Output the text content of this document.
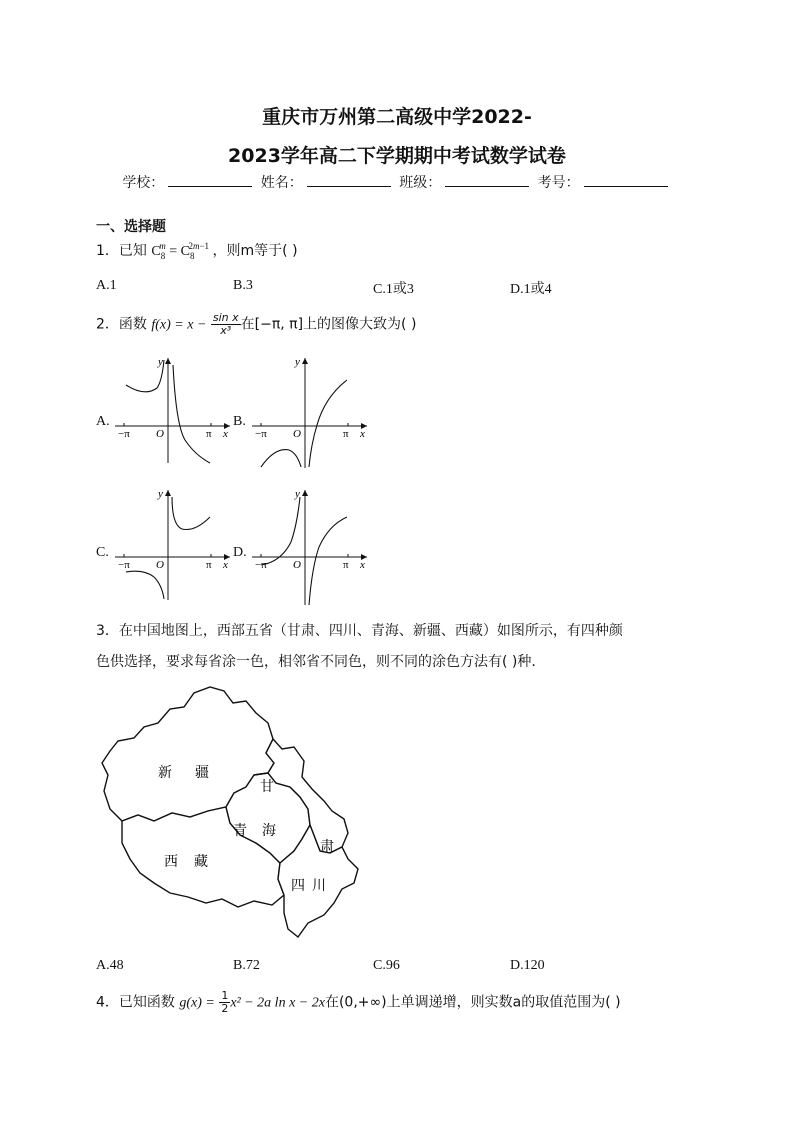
重庆市万州第二高级中学2022-
2023学年高二下学期期中考试数学试卷
学校：	姓名：	班级：	考号：
一、选择题
1．已知 $C_8^m = C_8^{2m-1}$ ，则m等于( )
A.1	B.3	C.1或3	D.1或4
2．函数 $f(x) = x - \frac{\text{sin x}}{\text{x³}}$ 在[−π, π]上的图像大致为( )
A.	B.
C.	D.
−π	π
O	x
y
−π	π
O	x
y
−π	π
O	x
y
−π	π
O	x
y
3．在中国地图上，西部五省（甘肃、四川、青海、新疆、西藏）如图所示，有四种颜
色供选择，要求每省涂一色，相邻省不同色，则不同的涂色方法有( )种.
新 疆
甘
肃
青 海
西 藏
四 川
A.48	B.72	C.96	D.120
4．已知函数 $g(x) = \frac{1}{2} x^2 - 2a$ ln x − 2x在(0,+∞)上单调递增，则实数a的取值范围为( )
